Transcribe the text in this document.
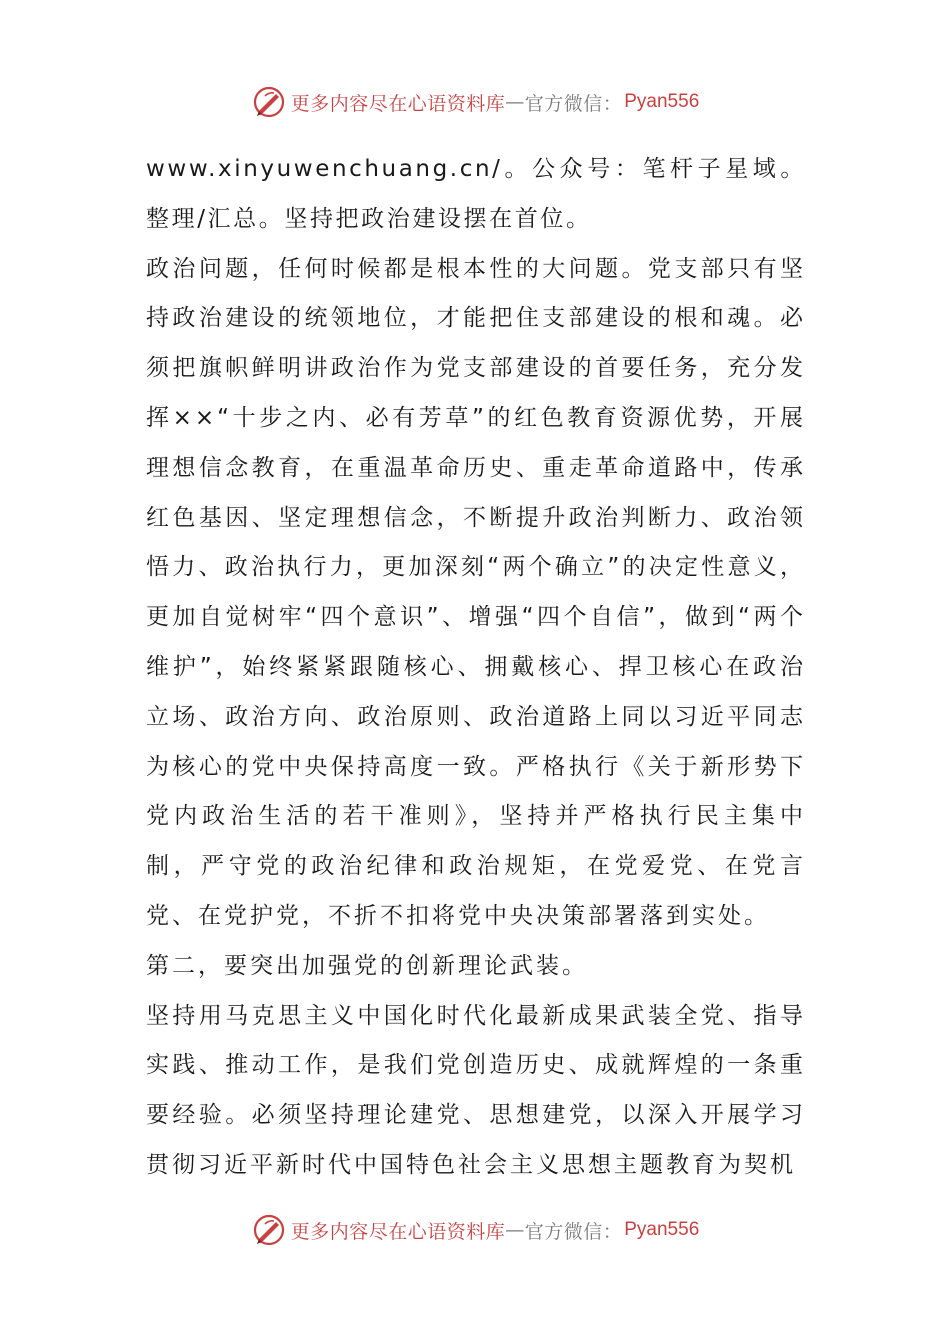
更多内容尽在心语资料库 — 官方微信： Pyan556

www.xinyuwenchuang.cn/。公众号：笔杆子星域。整理/汇总。坚持把政治建设摆在首位。

政治问题，任何时候都是根本性的大问题。党支部只有坚持政治建设的统领地位，才能把住支部建设的根和魂。必须把旗帜鲜明讲政治作为党支部建设的首要任务，充分发挥××“十步之内、必有芳草”的红色教育资源优势，开展理想信念教育，在重温革命历史、重走革命道路中，传承红色基因、坚定理想信念，不断提升政治判断力、政治领悟力、政治执行力，更加深刻“两个确立”的决定性意义，更加自觉树牢“四个意识”、增强“四个自信”，做到“两个维护”，始终紧紧跟随核心、拥戴核心、捍卫核心在政治立场、政治方向、政治原则、政治道路上同以习近平同志为核心的党中央保持高度一致。严格执行《关于新形势下党内政治生活的若干准则》，坚持并严格执行民主集中制，严守党的政治纪律和政治规矩，在党爱党、在党言党、在党护党，不折不扣将党中央决策部署落到实处。

第二，要突出加强党的创新理论武装。

坚持用马克思主义中国化时代化最新成果武装全党、指导实践、推动工作，是我们党创造历史、成就辉煌的一条重要经验。必须坚持理论建党、思想建党，以深入开展学习贯彻习近平新时代中国特色社会主义思想主题教育为契机

更多内容尽在心语资料库 — 官方微信： Pyan556
